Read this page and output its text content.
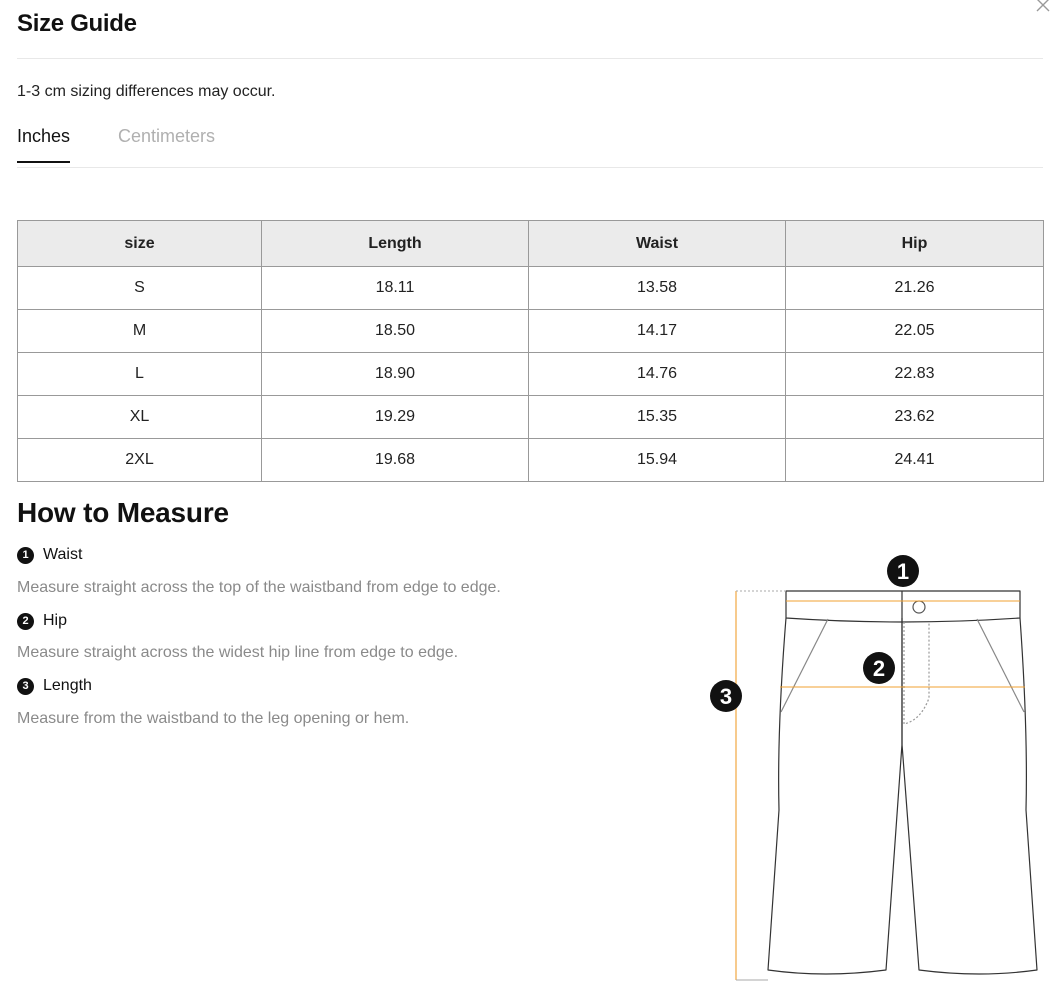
Size Guide
1-3 cm sizing differences may occur.
Inches	Centimeters
size	Length	Waist	Hip
S	18.11	13.58	21.26
M	18.50	14.17	22.05
L	18.90	14.76	22.83
XL	19.29	15.35	23.62
2XL	19.68	15.94	24.41
How to Measure
1 Waist
Measure straight across the top of the waistband from edge to edge.
2 Hip
Measure straight across the widest hip line from edge to edge.
3 Length
Measure from the waistband to the leg opening or hem.
1
2
3
